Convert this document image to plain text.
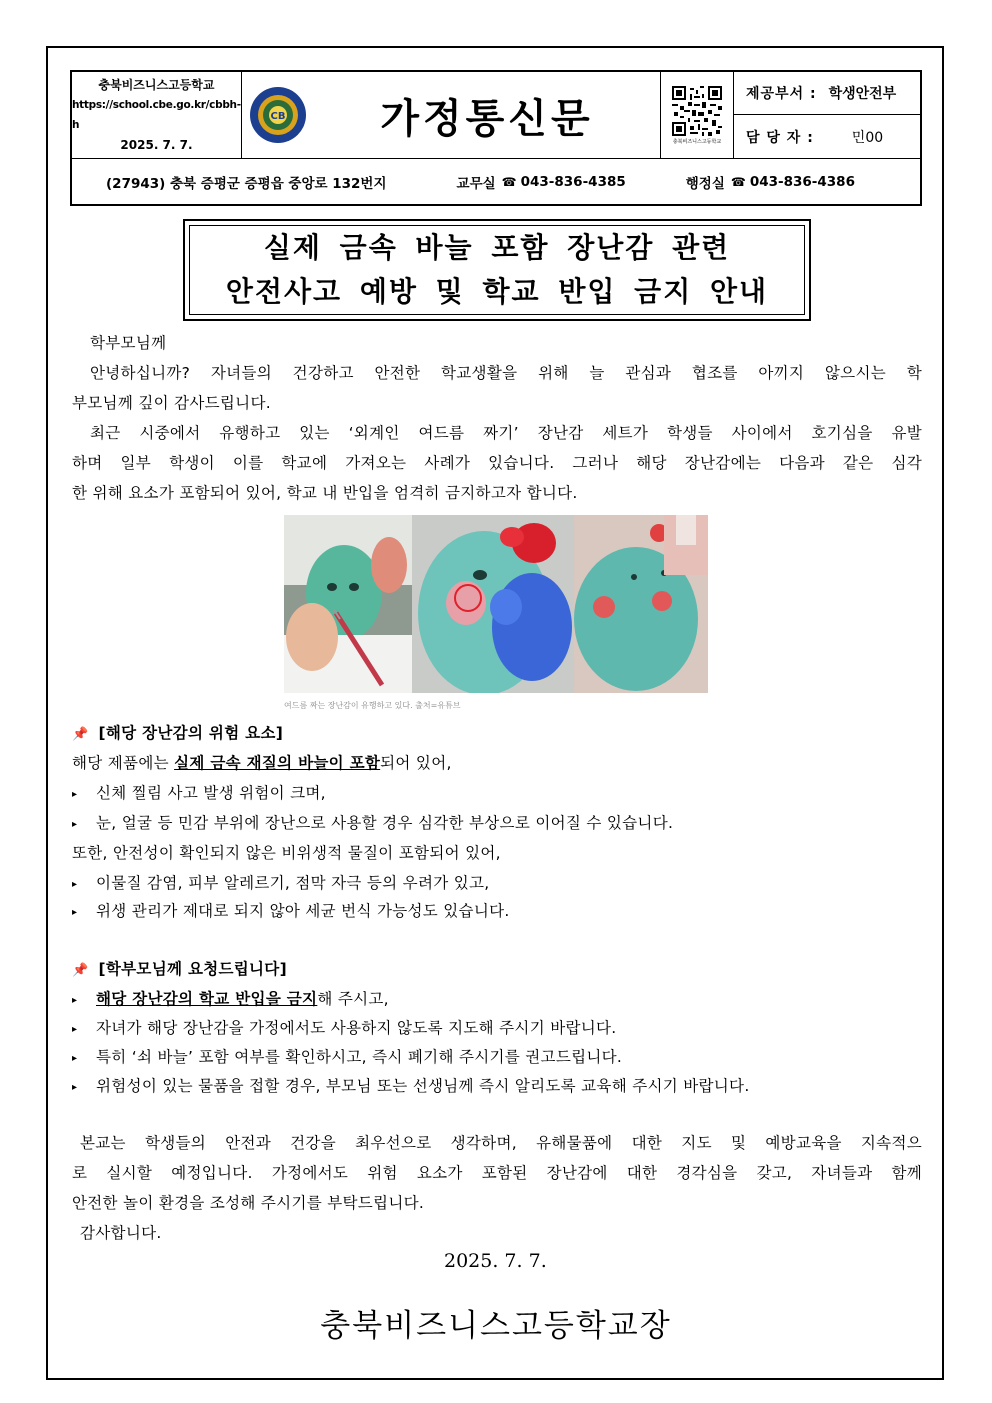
충북비즈니스고등학교
https://school.cbe.go.kr/cbbh-h
2025. 7. 7.
CB	가정통신문	충북비즈니스고등학교
제공부서 : 학생안전부
담 당 자 :	민00
(27943) 충북 증평군 증평읍 중앙로 132번지	교무실 ☎ 043-836-4385	행정실 ☎ 043-836-4386
실제 금속 바늘 포함 장난감 관련
안전사고 예방 및 학교 반입 금지 안내
학부모님께
안녕하십니까? 자녀들의 건강하고 안전한 학교생활을 위해 늘 관심과 협조를 아끼지 않으시는 학
부모님께 깊이 감사드립니다.
최근 시중에서 유행하고 있는 ‘외계인 여드름 짜기’ 장난감 세트가 학생들 사이에서 호기심을 유발
하며 일부 학생이 이를 학교에 가져오는 사례가 있습니다. 그러나 해당 장난감에는 다음과 같은 심각
한 위해 요소가 포함되어 있어, 학교 내 반입을 엄격히 금지하고자 합니다.
여드름 짜는 장난감이 유행하고 있다. 출처=유튜브
📌 [해당 장난감의 위험 요소]
해당 제품에는 실제 금속 재질의 바늘이 포함되어 있어,
▸ 신체 찔림 사고 발생 위험이 크며,
▸ 눈, 얼굴 등 민감 부위에 장난으로 사용할 경우 심각한 부상으로 이어질 수 있습니다.
또한, 안전성이 확인되지 않은 비위생적 물질이 포함되어 있어,
▸ 이물질 감염, 피부 알레르기, 점막 자극 등의 우려가 있고,
▸ 위생 관리가 제대로 되지 않아 세균 번식 가능성도 있습니다.
📌 [학부모님께 요청드립니다]
▸ 해당 장난감의 학교 반입을 금지해 주시고,
▸ 자녀가 해당 장난감을 가정에서도 사용하지 않도록 지도해 주시기 바랍니다.
▸ 특히 ‘쇠 바늘’ 포함 여부를 확인하시고, 즉시 폐기해 주시기를 권고드립니다.
▸ 위험성이 있는 물품을 접할 경우, 부모님 또는 선생님께 즉시 알리도록 교육해 주시기 바랍니다.
본교는 학생들의 안전과 건강을 최우선으로 생각하며, 유해물품에 대한 지도 및 예방교육을 지속적으
로 실시할 예정입니다. 가정에서도 위험 요소가 포함된 장난감에 대한 경각심을 갖고, 자녀들과 함께
안전한 놀이 환경을 조성해 주시기를 부탁드립니다.
감사합니다.
2025. 7. 7.
충북비즈니스고등학교장
